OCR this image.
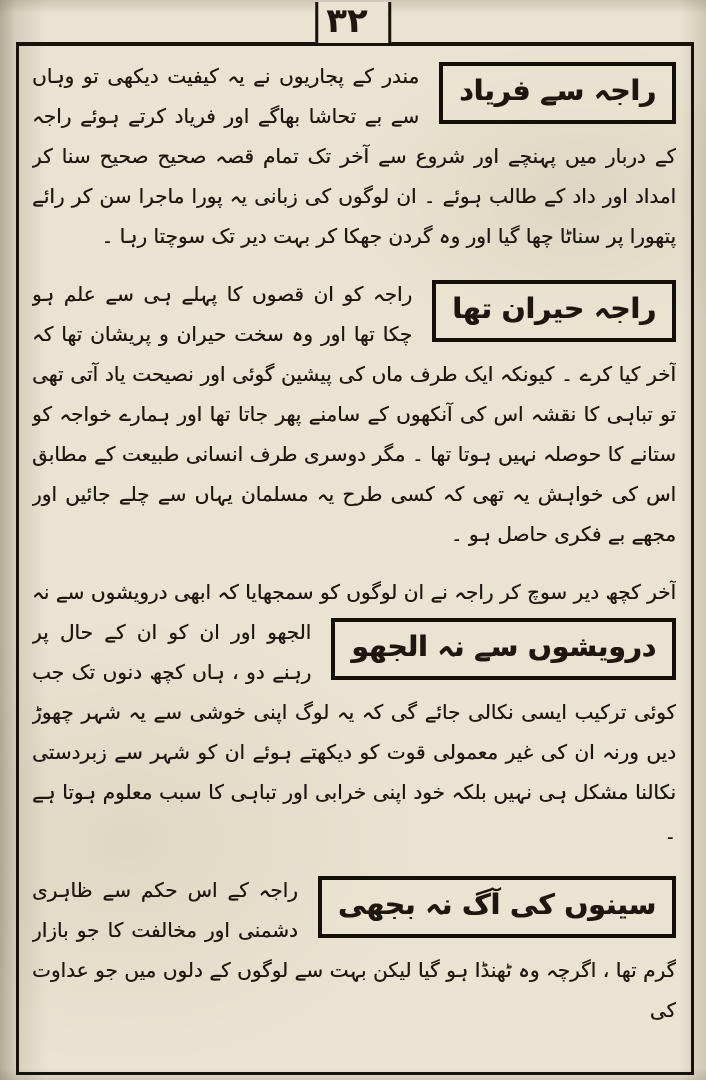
۳۲

راجہ سے فریاد
مندر کے پجاریوں نے یہ کیفیت دیکھی تو وہاں سے بے تحاشا بھاگے اور فریاد کرتے ہوئے راجہ کے دربار میں پہنچے اور شروع سے آخر تک تمام قصہ صحیح صحیح سنا کر امداد اور داد کے طالب ہوئے ۔ ان لوگوں کی زبانی یہ پورا ماجرا سن کر رائے پتھورا پر سناٹا چھا گیا اور وہ گردن جھکا کر بہت دیر تک سوچتا رہا ۔

راجہ حیران تھا
راجہ کو ان قصوں کا پہلے ہی سے علم ہو چکا تھا اور وہ سخت حیران و پریشان تھا کہ آخر کیا کرے ۔ کیونکہ ایک طرف ماں کی پیشین گوئی اور نصیحت یاد آتی تھی تو تباہی کا نقشہ اس کی آنکھوں کے سامنے پھر جاتا تھا اور ہمارے خواجہ کو ستانے کا حوصلہ نہیں ہوتا تھا ۔ مگر دوسری طرف انسانی طبیعت کے مطابق اس کی خواہش یہ تھی کہ کسی طرح یہ مسلمان یہاں سے چلے جائیں اور مجھے بے فکری حاصل ہو ۔

آخر کچھ دیر سوچ کر راجہ نے ان لوگوں کو سمجھایا کہ ابھی درویشوں
درویشوں سے نہ الجھو
سے نہ الجھو اور ان کو ان کے حال پر رہنے دو ، ہاں کچھ دنوں تک جب کوئی ترکیب ایسی نکالی جائے گی کہ یہ لوگ اپنی خوشی سے یہ شہر چھوڑ دیں ورنہ ان کی غیر معمولی قوت کو دیکھتے ہوئے ان کو شہر سے زبردستی نکالنا مشکل ہی نہیں بلکہ خود اپنی خرابی اور تباہی کا سبب معلوم ہوتا ہے ۔

سینوں کی آگ نہ بجھی
راجہ کے اس حکم سے ظاہری دشمنی اور مخالفت کا جو بازار گرم تھا ، اگرچہ وہ ٹھنڈا ہو گیا لیکن بہت سے لوگوں کے دلوں میں جو عداوت کی
